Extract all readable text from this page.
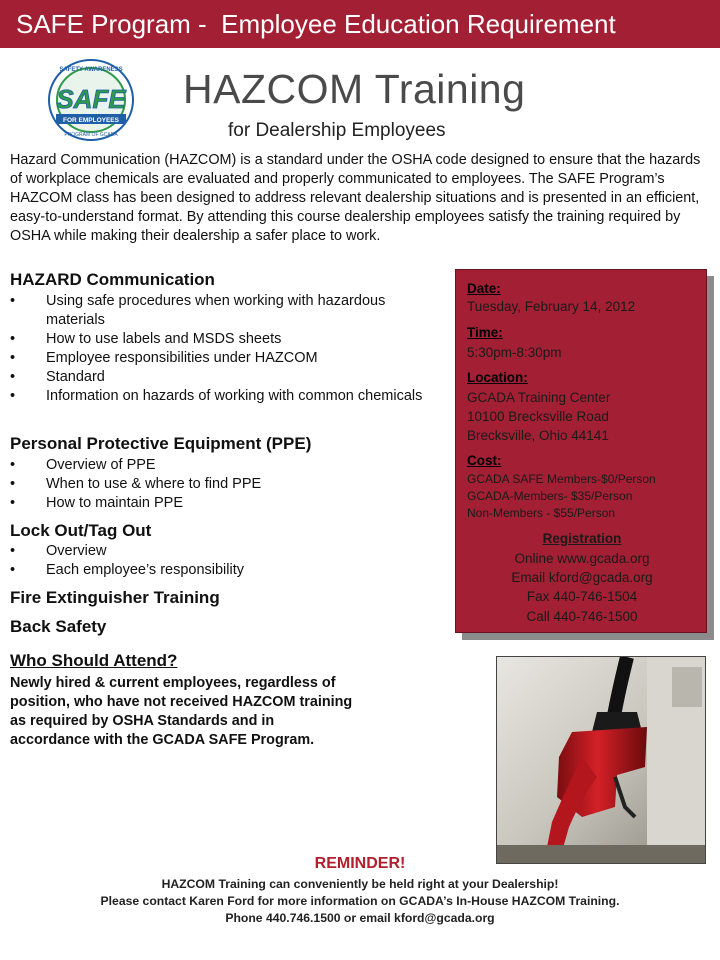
SAFE Program -  Employee Education Requirement
SAFETY AWARENESS
SAFE
FOR EMPLOYEES
PROGRAM OF GCADA
HAZCOM Training
for Dealership Employees
Hazard Communication (HAZCOM) is a standard under the OSHA code designed to ensure that the hazards of workplace chemicals are evaluated and properly communicated to employees. The SAFE Program’s HAZCOM class has been designed to address relevant dealership situations and is presented in an efficient, easy-to-understand format. By attending this course dealership employees satisfy the training required by OSHA while making their dealership a safer place to work.
HAZARD Communication
• Using safe procedures when working with hazardous materials
• How to use labels and MSDS sheets
• Employee responsibilities under HAZCOM
• Standard
• Information on hazards of working with common chemicals
Personal Protective Equipment (PPE)
• Overview of PPE
• When to use & where to find PPE
• How to maintain PPE
Lock Out/Tag Out
• Overview
• Each employee’s responsibility
Fire Extinguisher Training
Back Safety
Who Should Attend?
Newly hired & current employees, regardless of position, who have not received HAZCOM training as required by OSHA Standards and in accordance with the GCADA SAFE Program.
Date:
Tuesday, February 14, 2012
Time:
5:30pm-8:30pm
Location:
GCADA Training Center
10100 Brecksville Road
Brecksville, Ohio 44141
Cost:
GCADA SAFE Members-$0/Person
GCADA-Members- $35/Person
Non-Members - $55/Person
Registration
Online www.gcada.org
Email kford@gcada.org
Fax 440-746-1504
Call 440-746-1500
REMINDER!
HAZCOM Training can conveniently be held right at your Dealership!
Please contact Karen Ford for more information on GCADA’s In-House HAZCOM Training.
Phone 440.746.1500 or email kford@gcada.org
